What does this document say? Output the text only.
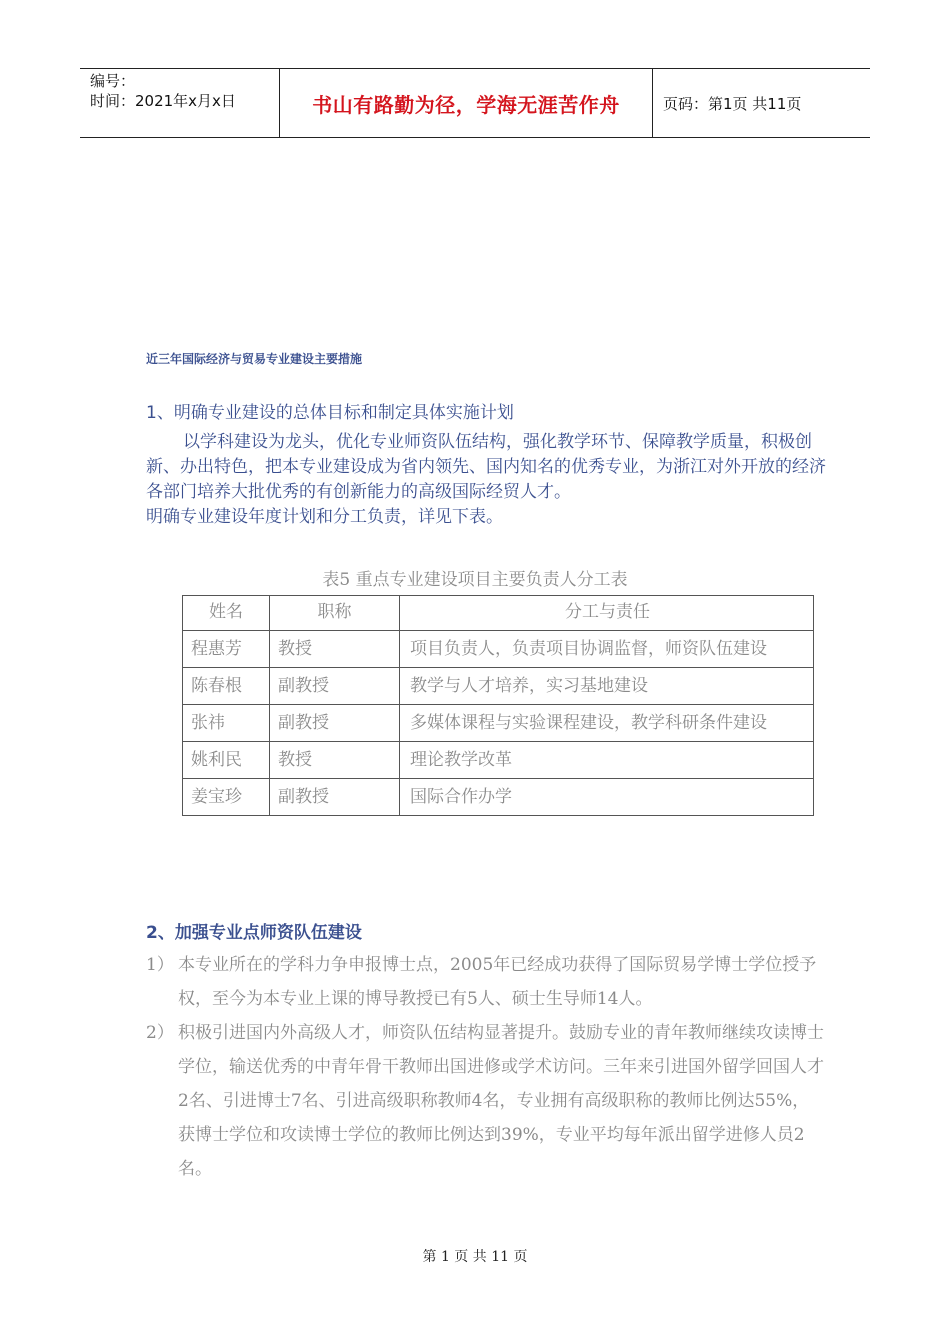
编号：
时间：2021年x月x日	书山有路勤为径，学海无涯苦作舟	页码：第1页 共11页
近三年国际经济与贸易专业建设主要措施
1、明确专业建设的总体目标和制定具体实施计划

以学科建设为龙头，优化专业师资队伍结构，强化教学环节、保障教学质量，积极创新、办出特色，把本专业建设成为省内领先、国内知名的优秀专业，为浙江对外开放的经济各部门培养大批优秀的有创新能力的高级国际经贸人才。

明确专业建设年度计划和分工负责，详见下表。

表5 重点专业建设项目主要负责人分工表
姓名	职称	分工与责任
程惠芳	教授	项目负责人，负责项目协调监督，师资队伍建设
陈春根	副教授	教学与人才培养，实习基地建设
张祎	副教授	多媒体课程与实验课程建设，教学科研条件建设
姚利民	教授	理论教学改革
姜宝珍	副教授	国际合作办学
2、加强专业点师资队伍建设
1） 本专业所在的学科力争申报博士点，2005年已经成功获得了国际贸易学博士学位授予权，至今为本专业上课的博导教授已有5人、硕士生导师14人。
2） 积极引进国内外高级人才，师资队伍结构显著提升。鼓励专业的青年教师继续攻读博士学位，输送优秀的中青年骨干教师出国进修或学术访问。三年来引进国外留学回国人才2名、引进博士7名、引进高级职称教师4名，专业拥有高级职称的教师比例达55%，获博士学位和攻读博士学位的教师比例达到39%，专业平均每年派出留学进修人员2名。
第 1 页 共 11 页
